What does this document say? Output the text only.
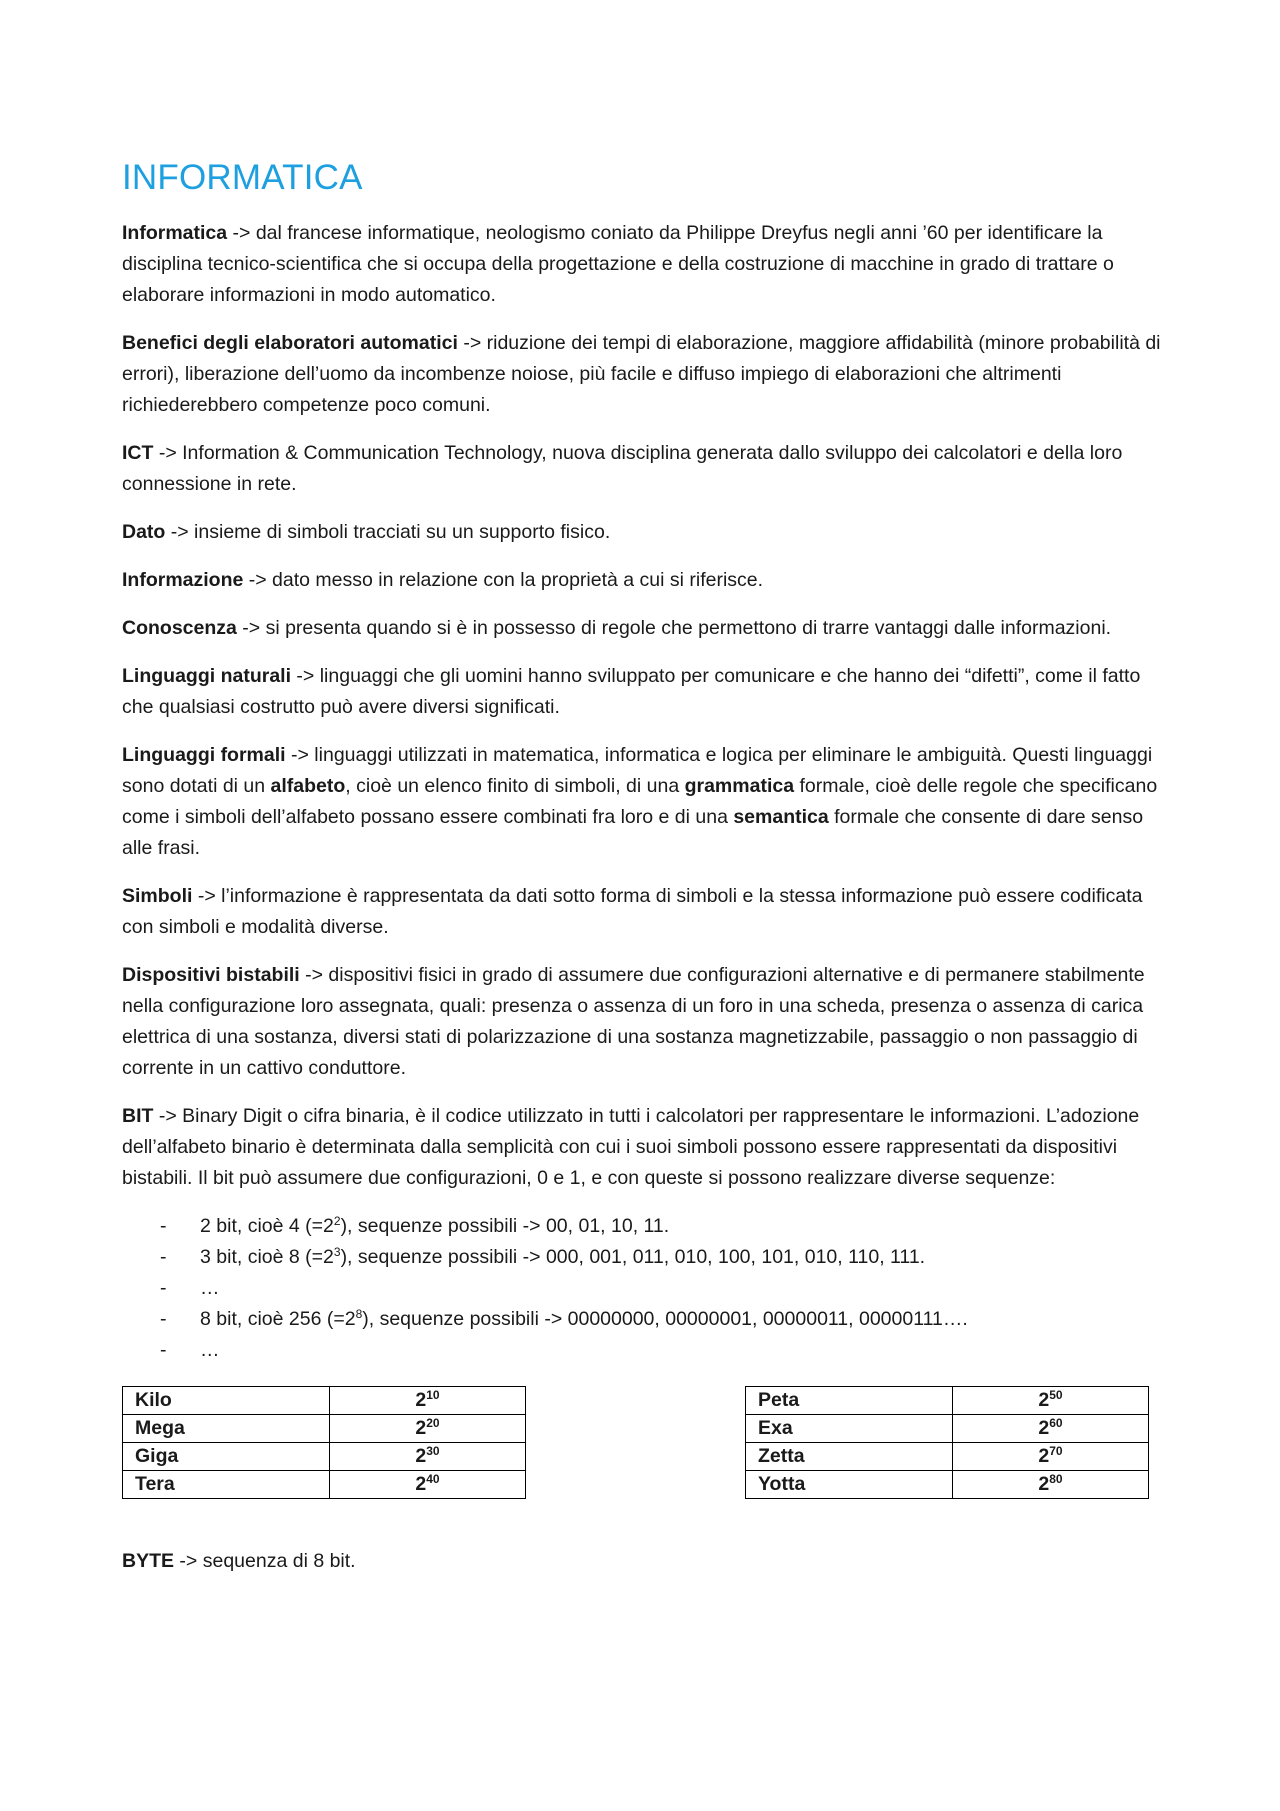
INFORMATICA

Informatica -> dal francese informatique, neologismo coniato da Philippe Dreyfus negli anni ’60 per identificare la disciplina tecnico-scientifica che si occupa della progettazione e della costruzione di macchine in grado di trattare o elaborare informazioni in modo automatico.

Benefici degli elaboratori automatici -> riduzione dei tempi di elaborazione, maggiore affidabilità (minore probabilità di errori), liberazione dell’uomo da incombenze noiose, più facile e diffuso impiego di elaborazioni che altrimenti richiederebbero competenze poco comuni.

ICT -> Information & Communication Technology, nuova disciplina generata dallo sviluppo dei calcolatori e della loro connessione in rete.

Dato -> insieme di simboli tracciati su un supporto fisico.

Informazione -> dato messo in relazione con la proprietà a cui si riferisce.

Conoscenza -> si presenta quando si è in possesso di regole che permettono di trarre vantaggi dalle informazioni.

Linguaggi naturali -> linguaggi che gli uomini hanno sviluppato per comunicare e che hanno dei “difetti”, come il fatto che qualsiasi costrutto può avere diversi significati.

Linguaggi formali -> linguaggi utilizzati in matematica, informatica e logica per eliminare le ambiguità. Questi linguaggi sono dotati di un alfabeto, cioè un elenco finito di simboli, di una grammatica formale, cioè delle regole che specificano come i simboli dell’alfabeto possano essere combinati fra loro e di una semantica formale che consente di dare senso alle frasi.

Simboli -> l’informazione è rappresentata da dati sotto forma di simboli e la stessa informazione può essere codificata con simboli e modalità diverse.

Dispositivi bistabili -> dispositivi fisici in grado di assumere due configurazioni alternative e di permanere stabilmente nella configurazione loro assegnata, quali: presenza o assenza di un foro in una scheda, presenza o assenza di carica elettrica di una sostanza, diversi stati di polarizzazione di una sostanza magnetizzabile, passaggio o non passaggio di corrente in un cattivo conduttore.

BIT -> Binary Digit o cifra binaria, è il codice utilizzato in tutti i calcolatori per rappresentare le informazioni. L’adozione dell’alfabeto binario è determinata dalla semplicità con cui i suoi simboli possono essere rappresentati da dispositivi bistabili. Il bit può assumere due configurazioni, 0 e 1, e con queste si possono realizzare diverse sequenze:

- 2 bit, cioè 4 $(=2^2)$, sequenze possibili -> 00, 01, 10, 11.
- 3 bit, cioè 8 $(=2^3)$, sequenze possibili -> 000, 001, 011, 010, 100, 101, 010, 110, 111.
- …
- 8 bit, cioè 256 $(=2^8)$, sequenze possibili -> 00000000, 00000001, 00000011, 00000111….
- …
Kilo	$2^{10}$
Mega	$2^{20}$
Giga	$2^{30}$
Tera	$2^{40}$
Peta	$2^{50}$
Exa	$2^{60}$
Zetta	$2^{70}$
Yotta	$2^{80}$

BYTE -> sequenza di 8 bit.
